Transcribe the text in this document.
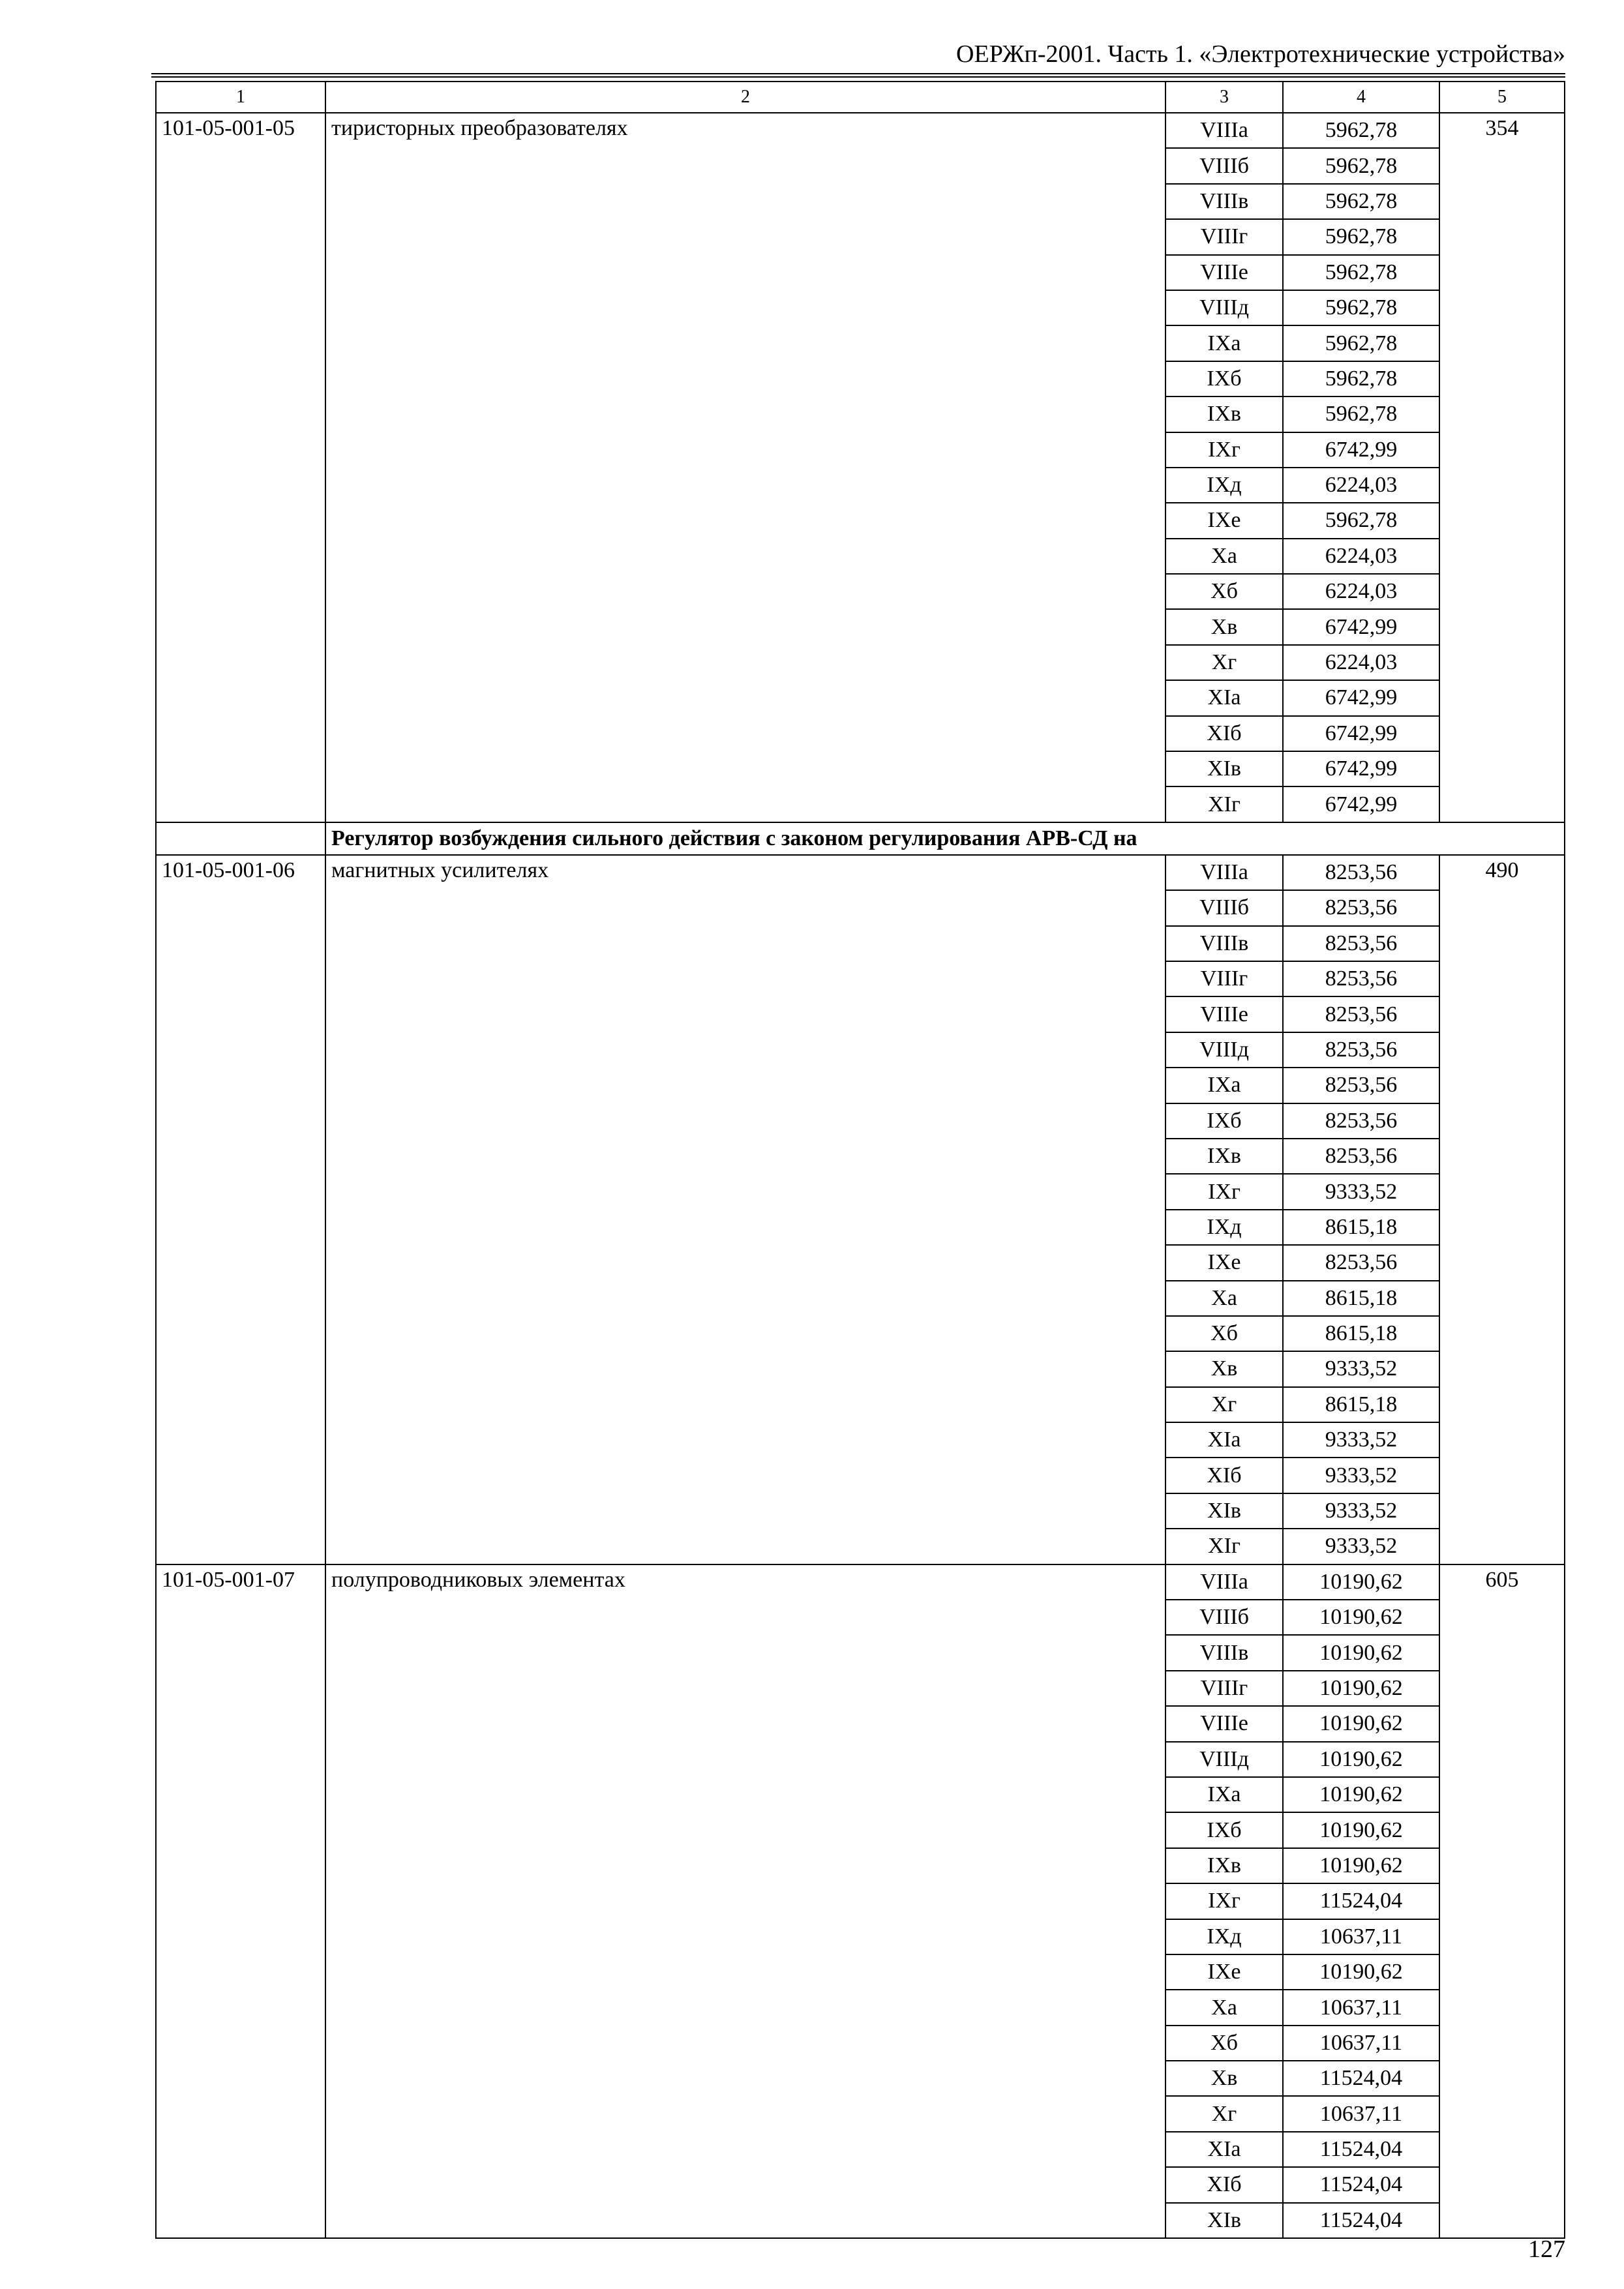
ОЕРЖп-2001. Часть 1. «Электротехнические устройства»
1	2	3	4	5
101-05-001-05	тиристорных преобразователях	VIIIa	5962,78	354
		VIIIб	5962,78	
		VIIIв	5962,78	
		VIIIг	5962,78	
		VIIIe	5962,78	
		VIIIд	5962,78	
		IXa	5962,78	
		IXб	5962,78	
		IXв	5962,78	
		IXг	6742,99	
		IXд	6224,03	
		IXe	5962,78	
		Xa	6224,03	
		Xб	6224,03	
		Xв	6742,99	
		Xг	6224,03	
		XIa	6742,99	
		XIб	6742,99	
		XIв	6742,99	
		XIг	6742,99	
	Регулятор возбуждения сильного действия с законом регулирования АРВ-СД на			
101-05-001-06	магнитных усилителях	VIIIa	8253,56	490
		VIIIб	8253,56	
		VIIIв	8253,56	
		VIIIг	8253,56	
		VIIIe	8253,56	
		VIIIд	8253,56	
		IXa	8253,56	
		IXб	8253,56	
		IXв	8253,56	
		IXг	9333,52	
		IXд	8615,18	
		IXe	8253,56	
		Xa	8615,18	
		Xб	8615,18	
		Xв	9333,52	
		Xг	8615,18	
		XIa	9333,52	
		XIб	9333,52	
		XIв	9333,52	
		XIг	9333,52	
101-05-001-07	полупроводниковых элементах	VIIIa	10190,62	605
		VIIIб	10190,62	
		VIIIв	10190,62	
		VIIIг	10190,62	
		VIIIe	10190,62	
		VIIIд	10190,62	
		IXa	10190,62	
		IXб	10190,62	
		IXв	10190,62	
		IXг	11524,04	
		IXд	10637,11	
		IXe	10190,62	
		Xa	10637,11	
		Xб	10637,11	
		Xв	11524,04	
		Xг	10637,11	
		XIa	11524,04	
		XIб	11524,04	
		XIв	11524,04	
127
